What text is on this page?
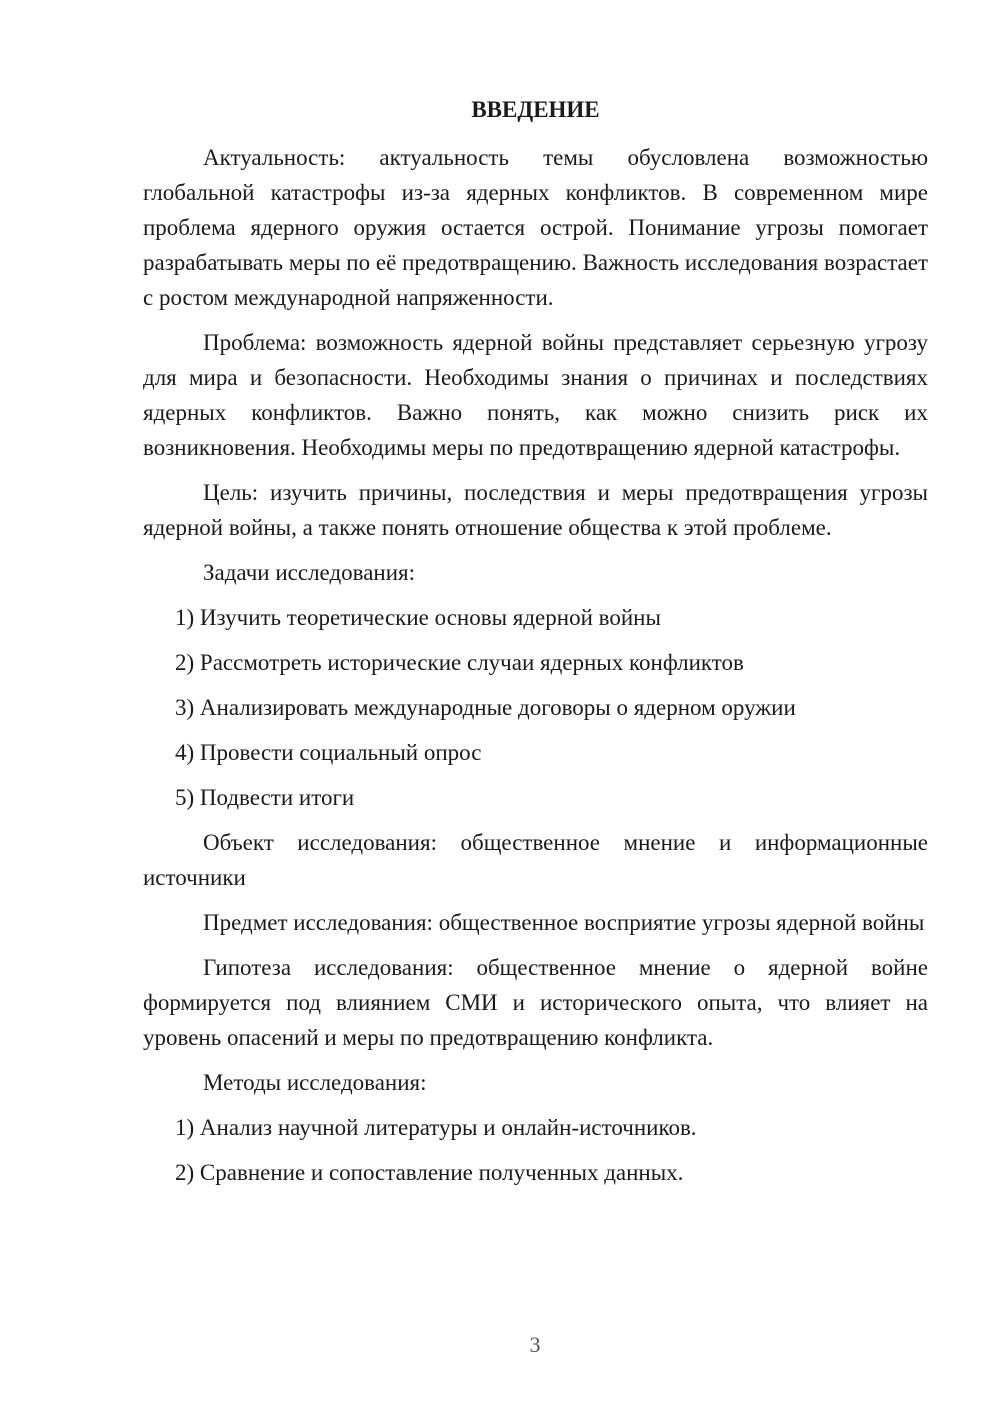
ВВЕДЕНИЕ

Актуальность: актуальность темы обусловлена возможностью глобальной катастрофы из-за ядерных конфликтов. В современном мире проблема ядерного оружия остается острой. Понимание угрозы помогает разрабатывать меры по её предотвращению. Важность исследования возрастает с ростом международной напряженности.

Проблема: возможность ядерной войны представляет серьезную угрозу для мира и безопасности. Необходимы знания о причинах и последствиях ядерных конфликтов. Важно понять, как можно снизить риск их возникновения. Необходимы меры по предотвращению ядерной катастрофы.

Цель: изучить причины, последствия и меры предотвращения угрозы ядерной войны, а также понять отношение общества к этой проблеме.

Задачи исследования:

1) Изучить теоретические основы ядерной войны

2) Рассмотреть исторические случаи ядерных конфликтов

3) Анализировать международные договоры о ядерном оружии

4) Провести социальный опрос

5) Подвести итоги

Объект исследования: общественное мнение и информационные источники

Предмет исследования: общественное восприятие угрозы ядерной войны

Гипотеза исследования: общественное мнение о ядерной войне формируется под влиянием СМИ и исторического опыта, что влияет на уровень опасений и меры по предотвращению конфликта.

Методы исследования:

1) Анализ научной литературы и онлайн-источников.

2) Сравнение и сопоставление полученных данных.

3
